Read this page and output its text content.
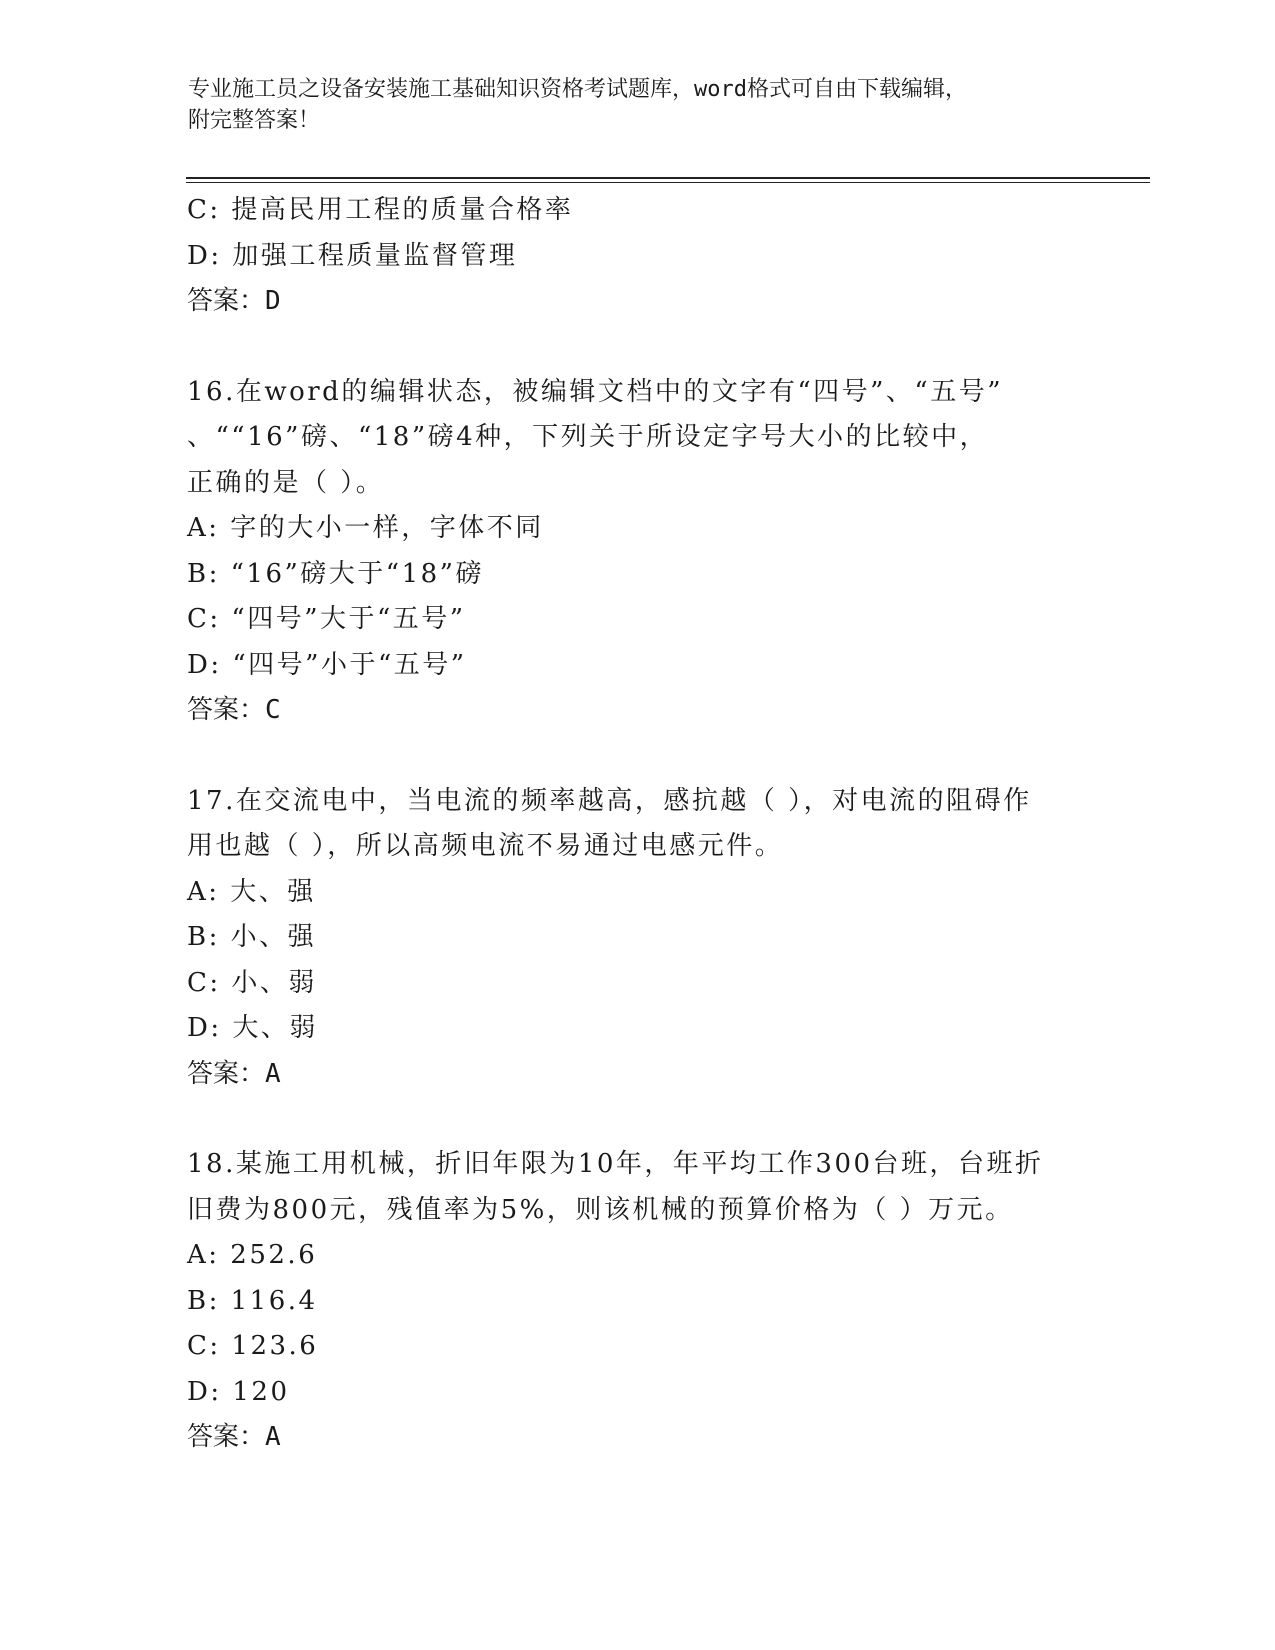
专业施工员之设备安装施工基础知识资格考试题库，word格式可自由下载编辑，
附完整答案！
C: 提高民用工程的质量合格率
D: 加强工程质量监督管理
答案：D
16.在word的编辑状态，被编辑文档中的文字有“四号”、“五号”
、““16”磅、“18”磅4种，下列关于所设定字号大小的比较中，
正确的是（ ）。
A: 字的大小一样，字体不同
B: “16”磅大于“18”磅
C: “四号”大于“五号”
D: “四号”小于“五号”
答案：C
17.在交流电中，当电流的频率越高，感抗越（ ），对电流的阻碍作
用也越（ ），所以高频电流不易通过电感元件。
A: 大、强
B: 小、强
C: 小、弱
D: 大、弱
答案：A
18.某施工用机械，折旧年限为10年，年平均工作300台班，台班折
旧费为800元，残值率为5%，则该机械的预算价格为（ ）万元。
A: 252.6
B: 116.4
C: 123.6
D: 120
答案：A
